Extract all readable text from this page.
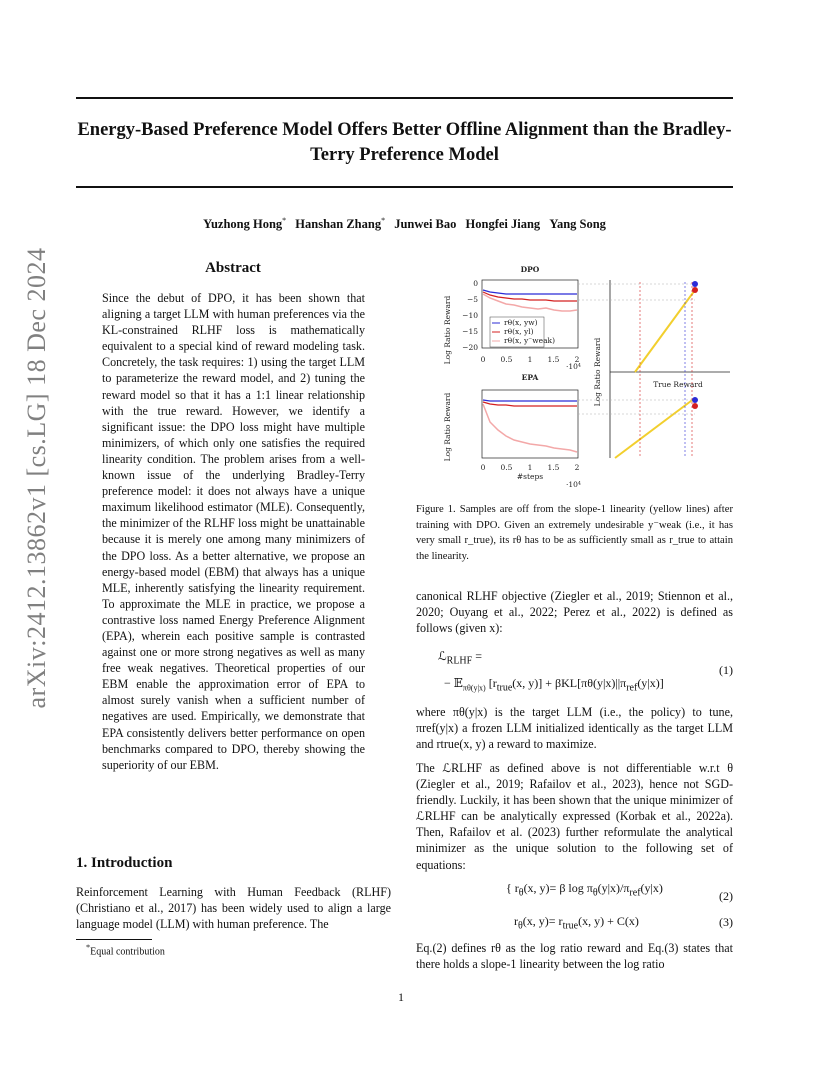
Energy-Based Preference Model Offers Better Offline Alignment than the Bradley-Terry Preference Model
Yuzhong Hong* Hanshan Zhang* Junwei Bao Hongfei Jiang Yang Song
arXiv:2412.13862v1 [cs.LG] 18 Dec 2024	Abstract
Since the debut of DPO, it has been shown that aligning a target LLM with human preferences via the KL-constrained RLHF loss is mathematically equivalent to a special kind of reward modeling task. Concretely, the task requires: 1) using the target LLM to parameterize the reward model, and 2) tuning the reward model so that it has a 1:1 linear relationship with the true reward. However, we identify a significant issue: the DPO loss might have multiple minimizers, of which only one satisfies the required linearity condition. The problem arises from a well-known issue of the underlying Bradley-Terry preference model: it does not always have a unique maximum likelihood estimator (MLE). Consequently, the minimizer of the RLHF loss might be unattainable because it is merely one among many minimizers of the DPO loss. As a better alternative, we propose an energy-based model (EBM) that always has a unique MLE, inherently satisfying the linearity requirement. To approximate the MLE in practice, we propose a contrastive loss named Energy Preference Alignment (EPA), wherein each positive sample is contrasted against one or more strong negatives as well as many free weak negatives. Theoretical properties of our EBM enable the approximation error of EPA to almost surely vanish when a sufficient number of negatives are used. Empirically, we demonstrate that EPA consistently delivers better performance on open benchmarks compared to DPO, thereby showing the superiority of our EBM.
1. Introduction
Reinforcement Learning with Human Feedback (RLHF) (Christiano et al., 2017) has been widely used to align a large language model (LLM) with human preference. The
*Equal contribution
1
DPO
Log Ratio Reward
0
−5
−10
−15
−20
rθ(x, yw)
rθ(x, yl)
rθ(x, y⁻weak)
0 0.5 1 1.5 2
·10⁴
EPA
Log Ratio Reward
0 0.5 1 1.5 2
#steps
·10⁴
Log Ratio Reward	True Reward
Figure 1. Samples are off from the slope-1 linearity (yellow lines) after training with DPO. Given an extremely undesirable y⁻weak (i.e., it has very small r_true), its rθ has to be as sufficiently small as r_true to attain the linearity.
canonical RLHF objective (Ziegler et al., 2019; Stiennon et al., 2020; Ouyang et al., 2022; Perez et al., 2022) is defined as follows (given x):
ℒ$_{RLHF}$ =
− 𝔼$_{\pi\theta(y|x)}$ [$r_{true}(x$, $y)] + \beta KL[\pi\theta(y|x)||\pi_{ref}(y|x)]$
(1)
where πθ(y|x) is the target LLM (i.e., the policy) to tune, πref(y|x) a frozen LLM initialized identically as the target LLM and rtrue(x, y) a reward to maximize.
The ℒRLHF as defined above is not differentiable w.r.t θ (Ziegler et al., 2019; Rafailov et al., 2023), hence not SGD-friendly. Luckily, it has been shown that the unique minimizer of ℒRLHF can be analytically expressed (Korbak et al., 2022a). Then, Rafailov et al. (2023) further reformulate the analytical minimizer as the unique solution to the following set of equations:
{ $r_\theta(x$, y)= β $\log \pi_\theta(y|x)/\pi_{ref}(y|x)$
$r_\theta(x$, $y)= r_{true}(x$, y) + C(x)
(2)
(3)
Eq.(2) defines rθ as the log ratio reward and Eq.(3) states that there holds a slope-1 linearity between the log ratio
